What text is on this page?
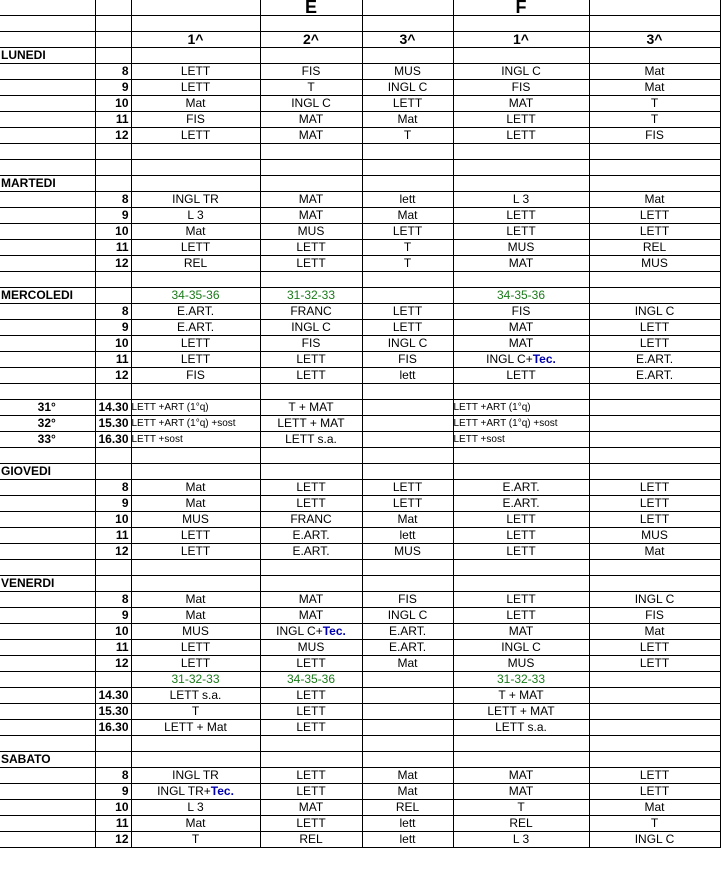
			E		F	

		1^	2^	3^	1^	3^
LUNEDI						
	8	LETT	FIS	MUS	INGL C	Mat
	9	LETT	T	INGL C	FIS	Mat
	10	Mat	INGL C	LETT	MAT	T
	11	FIS	MAT	Mat	LETT	T
	12	LETT	MAT	T	LETT	FIS

MARTEDI						
	8	INGL TR	MAT	lett	L 3	Mat
	9	L 3	MAT	Mat	LETT	LETT
	10	Mat	MUS	LETT	LETT	LETT
	11	LETT	LETT	T	MUS	REL
	12	REL	LETT	T	MAT	MUS

MERCOLEDI		34-35-36	31-32-33		34-35-36	
	8	E.ART.	FRANC	LETT	FIS	INGL C
	9	E.ART.	INGL C	LETT	MAT	LETT
	10	LETT	FIS	INGL C	MAT	LETT
	11	LETT	LETT	FIS	INGL C+Tec.	E.ART.
	12	FIS	LETT	lett	LETT	E.ART.

31°	14.30	LETT +ART (1°q)	T + MAT		LETT +ART (1°q)	
32°	15.30	LETT +ART (1°q) +sost	LETT + MAT		LETT +ART (1°q) +sost	
33°	16.30	LETT +sost	LETT s.a.		LETT +sost	

GIOVEDI						
	8	Mat	LETT	LETT	E.ART.	LETT
	9	Mat	LETT	LETT	E.ART.	LETT
	10	MUS	FRANC	Mat	LETT	LETT
	11	LETT	E.ART.	lett	LETT	MUS
	12	LETT	E.ART.	MUS	LETT	Mat

VENERDI						
	8	Mat	MAT	FIS	LETT	INGL C
	9	Mat	MAT	INGL C	LETT	FIS
	10	MUS	INGL C+Tec.	E.ART.	MAT	Mat
	11	LETT	MUS	E.ART.	INGL C	LETT
	12	LETT	LETT	Mat	MUS	LETT
		31-32-33	34-35-36		31-32-33	
	14.30	LETT s.a.	LETT		T + MAT	
	15.30	T	LETT		LETT + MAT	
	16.30	LETT + Mat	LETT		LETT s.a.	

SABATO						
	8	INGL TR	LETT	Mat	MAT	LETT
	9	INGL TR+Tec.	LETT	Mat	MAT	LETT
	10	L 3	MAT	REL	T	Mat
	11	Mat	LETT	lett	REL	T
	12	T	REL	lett	L 3	INGL C
